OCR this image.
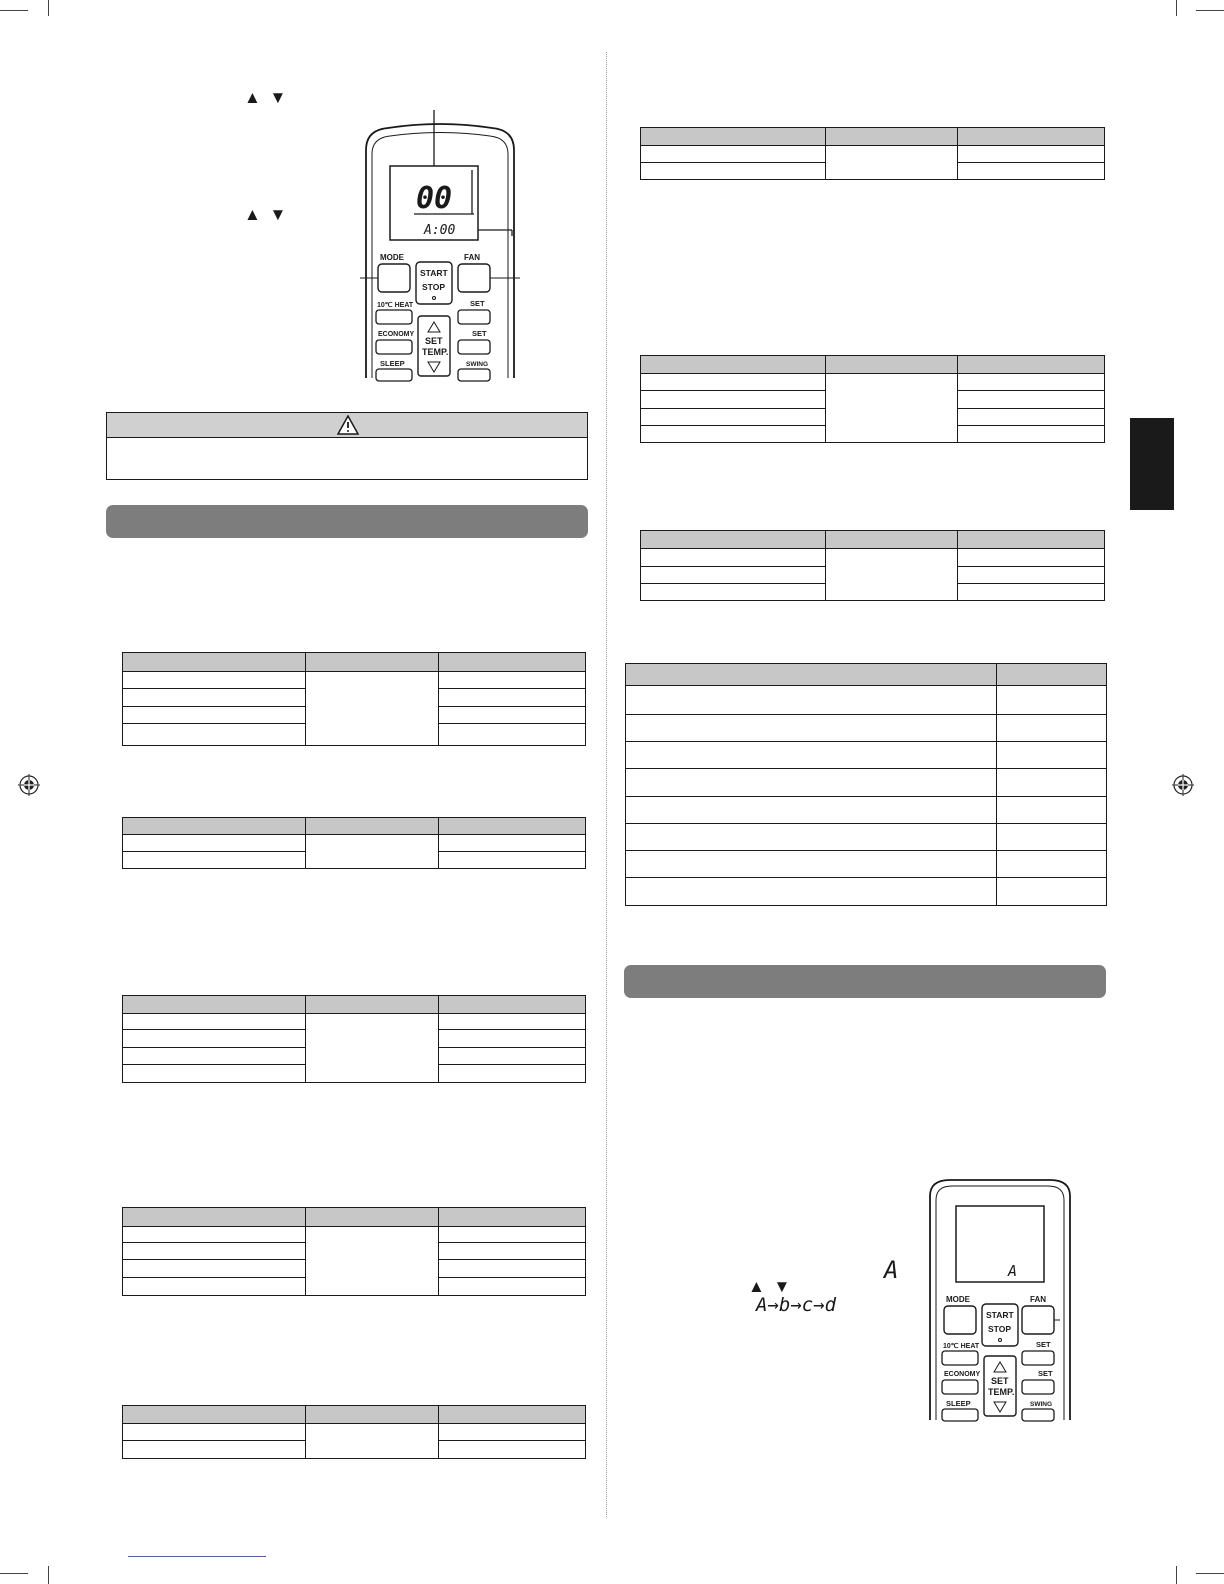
▲ ▼
▲ ▼	00
A:00
MODE	FAN
START
STOP
10℃ HEAT	SET
SET
TEMP.
ECONOMY	SET
SLEEP	SWING
A
▲ ▼
A→b→c→d
A
MODE	FAN
START
STOP
10℃ HEAT	SET
SET
TEMP.
ECONOMY	SET
SLEEP	SWING
